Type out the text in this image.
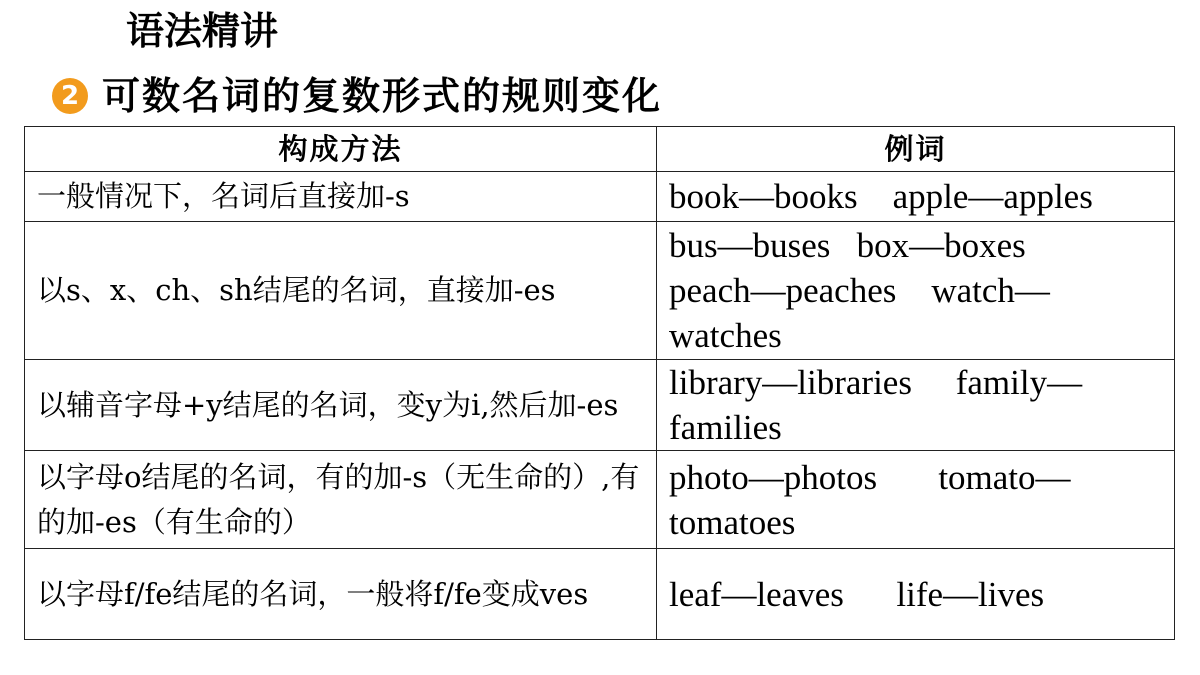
语法精讲
2 可数名词的复数形式的规则变化
构成方法	例词
一般情况下，名词后直接加-s	book—books    apple—apples
以s、x、ch、sh结尾的名词，直接加-es	bus—buses   box—boxes
peach—peaches    watch—
watches
以辅音字母+y结尾的名词，变y为i,然后加-es	library—libraries     family—
families
以字母o结尾的名词，有的加-s（无生命的）,有的加-es（有生命的）	photo—photos       tomato—
tomatoes
以字母f/fe结尾的名词，一般将f/fe变成ves	leaf—leaves      life—lives
